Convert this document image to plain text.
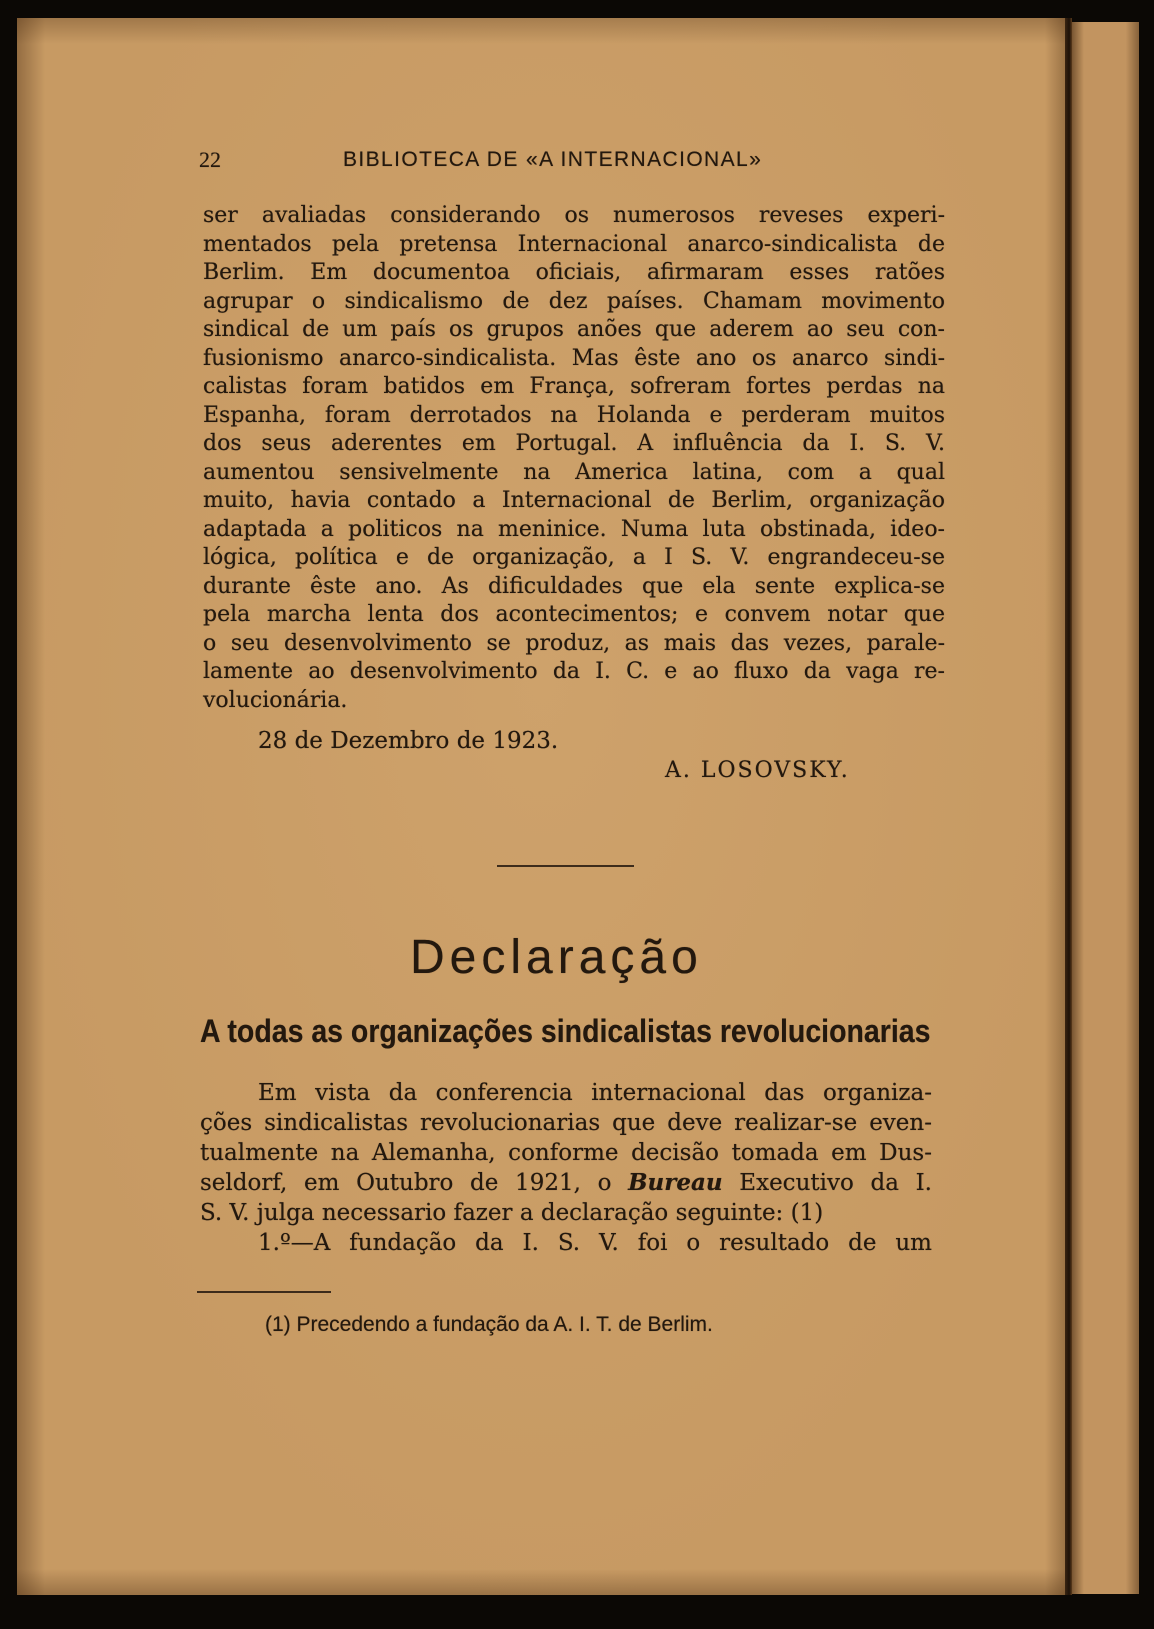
22	BIBLIOTECA DE «A INTERNACIONAL»
ser avaliadas considerando os numerosos reveses experi-
mentados pela pretensa Internacional anarco-sindicalista de
Berlim. Em documentoa oficiais, afirmaram esses ratões
agrupar o sindicalismo de dez países. Chamam movimento
sindical de um país os grupos anões que aderem ao seu con-
fusionismo anarco-sindicalista. Mas êste ano os anarco sindi-
calistas foram batidos em França, sofreram fortes perdas na
Espanha, foram derrotados na Holanda e perderam muitos
dos seus aderentes em Portugal. A influência da I. S. V.
aumentou sensivelmente na America latina, com a qual
muito, havia contado a Internacional de Berlim, organização
adaptada a politicos na meninice. Numa luta obstinada, ideo-
lógica, política e de organização, a I S. V. engrandeceu-se
durante êste ano. As dificuldades que ela sente explica-se
pela marcha lenta dos acontecimentos; e convem notar que
o seu desenvolvimento se produz, as mais das vezes, parale-
lamente ao desenvolvimento da I. C. e ao fluxo da vaga re-
volucionária.
28 de Dezembro de 1923.
A. LOSOVSKY.
Declaração
A todas as organizações sindicalistas revolucionarias
Em vista da conferencia internacional das organiza-
ções sindicalistas revolucionarias que deve realizar-se even-
tualmente na Alemanha, conforme decisão tomada em Dus-
seldorf, em Outubro de 1921, o Bureau Executivo da I.
S. V. julga necessario fazer a declaração seguinte: (1)
1.º—A fundação da I. S. V. foi o resultado de um
(1) Precedendo a fundação da A. I. T. de Berlim.
